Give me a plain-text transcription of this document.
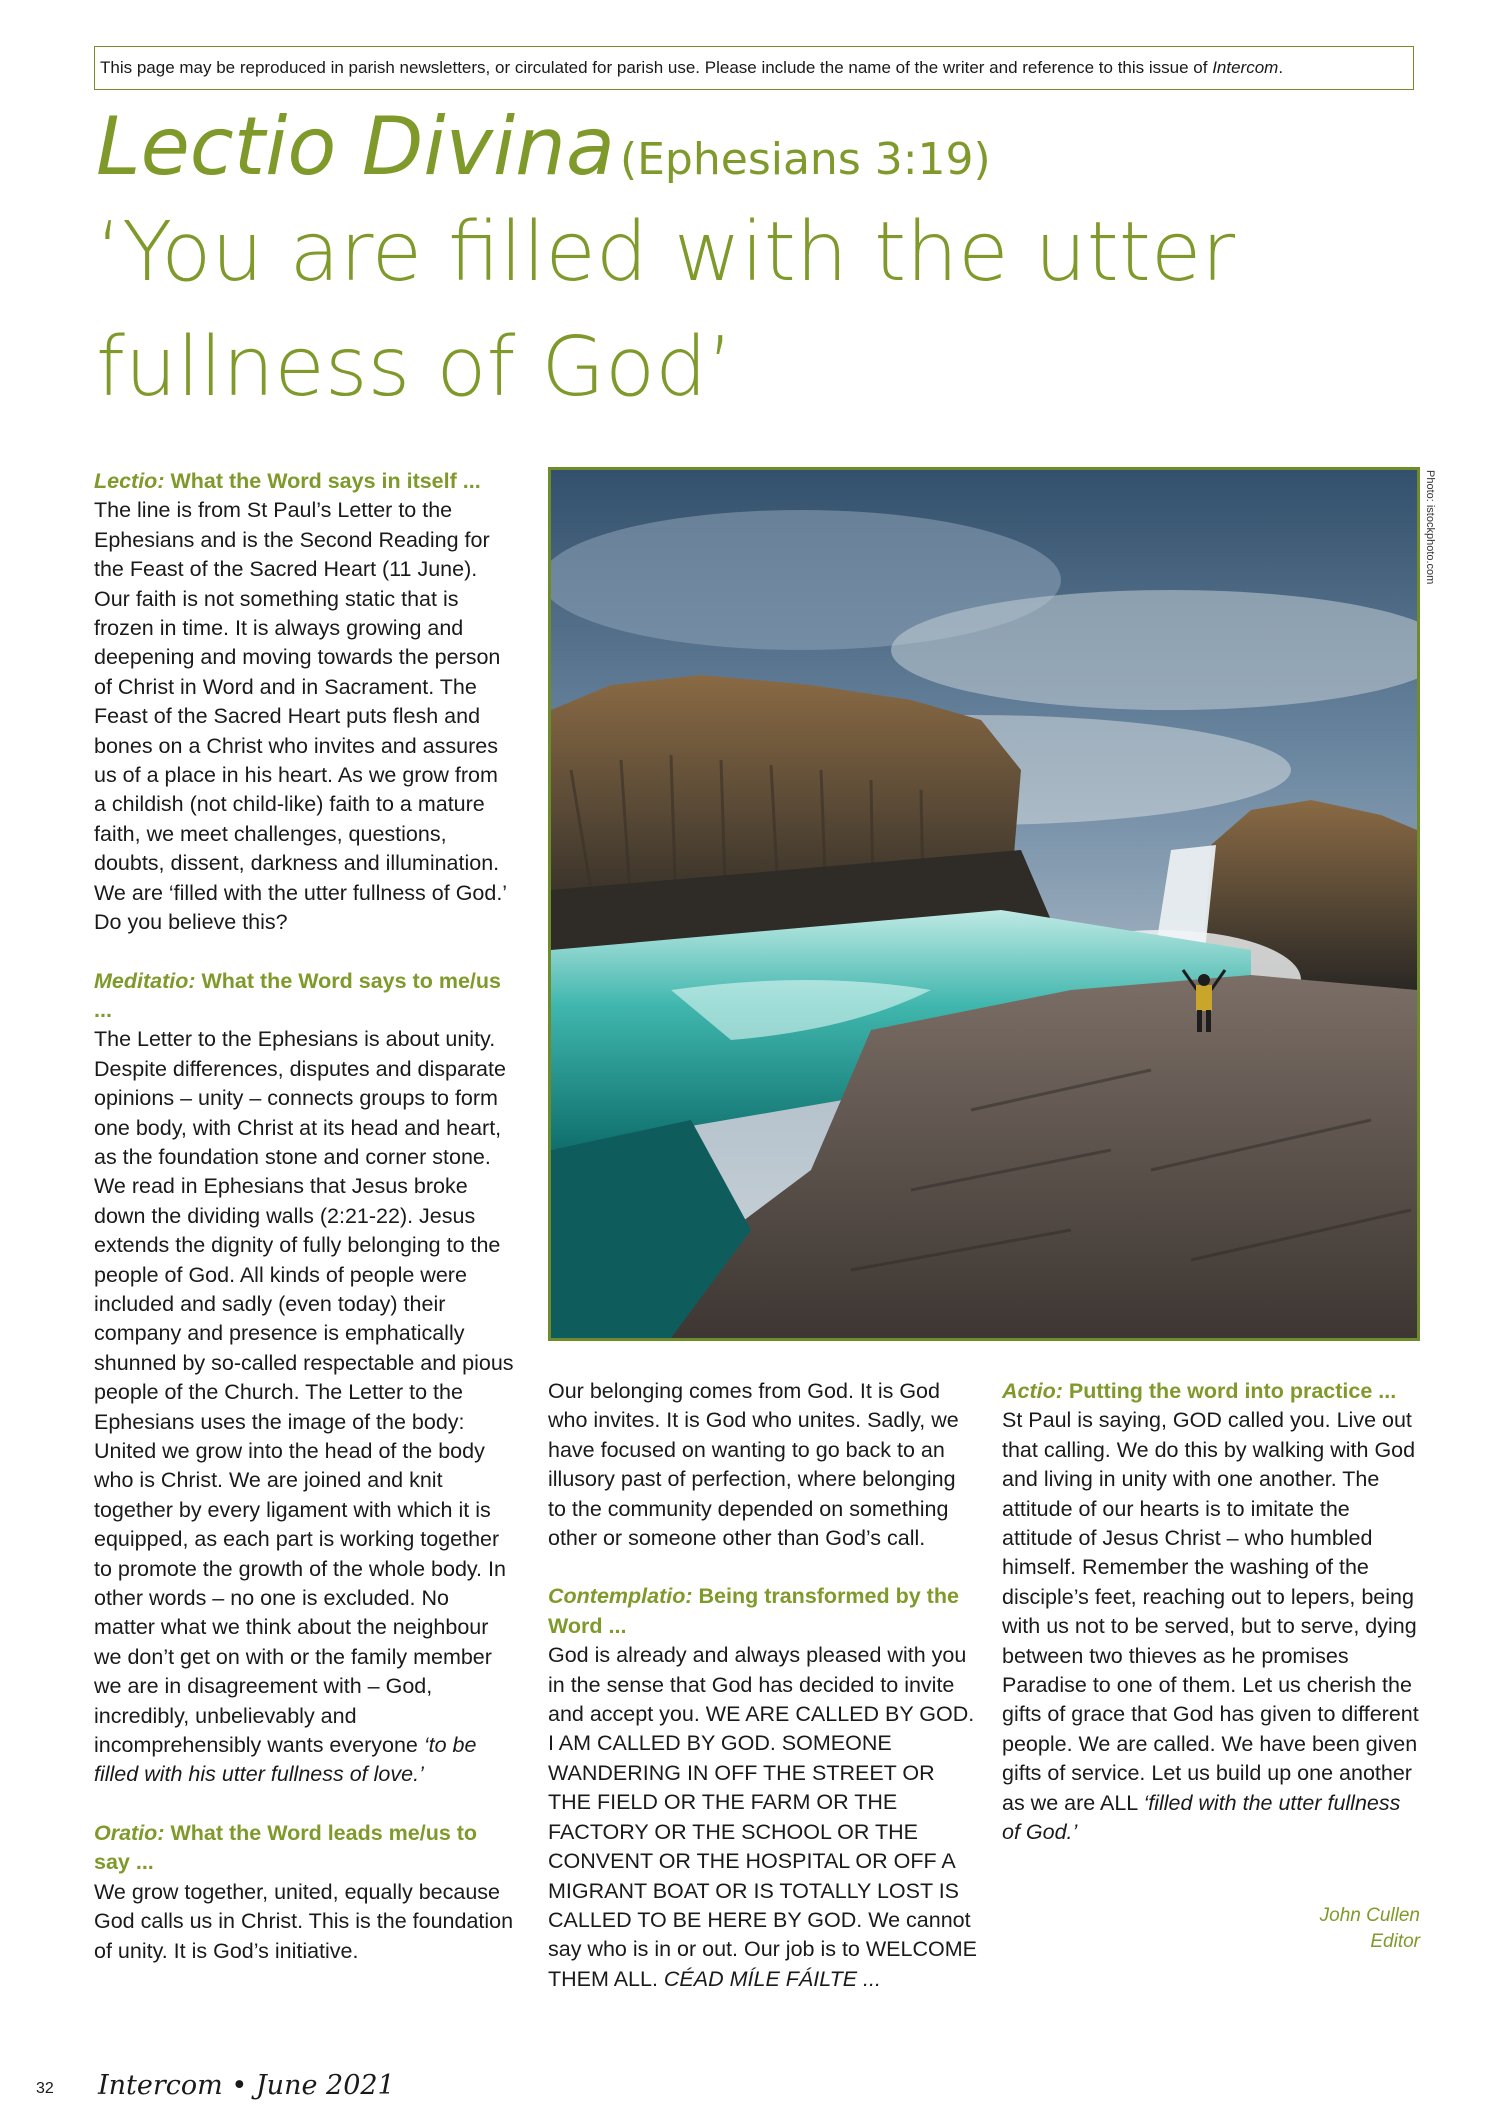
This page may be reproduced in parish newsletters, or circulated for parish use. Please include the name of the writer and reference to this issue of Intercom.
Lectio Divina (Ephesians 3:19)
‘You are filled with the utter
fullness of God’

Lectio: What the Word says in itself ...

The line is from St Paul’s Letter to the Ephesians and is the Second Reading for the Feast of the Sacred Heart (11 June). Our faith is not something static that is frozen in time. It is always growing and deepening and moving towards the person of Christ in Word and in Sacrament. The Feast of the Sacred Heart puts flesh and bones on a Christ who invites and assures us of a place in his heart. As we grow from a childish (not child-like) faith to a mature faith, we meet challenges, questions, doubts, dissent, darkness and illumination. We are ‘filled with the utter fullness of God.’ Do you believe this?

Meditatio: What the Word says to me/us ...

The Letter to the Ephesians is about unity. Despite differences, disputes and disparate opinions – unity – connects groups to form one body, with Christ at its head and heart, as the foundation stone and corner stone. We read in Ephesians that Jesus broke down the dividing walls (2:21-22). Jesus extends the dignity of fully belonging to the people of God. All kinds of people were included and sadly (even today) their company and presence is emphatically shunned by so-called respectable and pious people of the Church. The Letter to the Ephesians uses the image of the body: United we grow into the head of the body who is Christ. We are joined and knit together by every ligament with which it is equipped, as each part is working together to promote the growth of the whole body. In other words – no one is excluded. No matter what we think about the neighbour we don’t get on with or the family member we are in disagreement with – God, incredibly, unbelievably and incomprehensibly wants everyone ‘to be filled with his utter fullness of love.’

Oratio: What the Word leads me/us to say ...

We grow together, united, equally because God calls us in Christ. This is the foundation of unity. It is God’s initiative.

Photo: istockphoto.com

Our belonging comes from God. It is God who invites. It is God who unites. Sadly, we have focused on wanting to go back to an illusory past of perfection, where belonging to the community depended on something other or someone other than God’s call.

Contemplatio: Being transformed by the Word ...

God is already and always pleased with you in the sense that God has decided to invite and accept you. WE ARE CALLED BY GOD. I AM CALLED BY GOD. SOMEONE WANDERING IN OFF THE STREET OR THE FIELD OR THE FARM OR THE FACTORY OR THE SCHOOL OR THE CONVENT OR THE HOSPITAL OR OFF A MIGRANT BOAT OR IS TOTALLY LOST IS CALLED TO BE HERE BY GOD. We cannot say who is in or out. Our job is to WELCOME THEM ALL. CÉAD MÍLE FÁILTE ...

Actio: Putting the word into practice ...

St Paul is saying, GOD called you. Live out that calling. We do this by walking with God and living in unity with one another. The attitude of our hearts is to imitate the attitude of Jesus Christ – who humbled himself. Remember the washing of the disciple’s feet, reaching out to lepers, being with us not to be served, but to serve, dying between two thieves as he promises Paradise to one of them. Let us cherish the gifts of grace that God has given to different people. We are called. We have been given gifts of service. Let us build up one another as we are ALL ‘filled with the utter fullness of God.’

John Cullen
Editor
32 Intercom • June 2021
